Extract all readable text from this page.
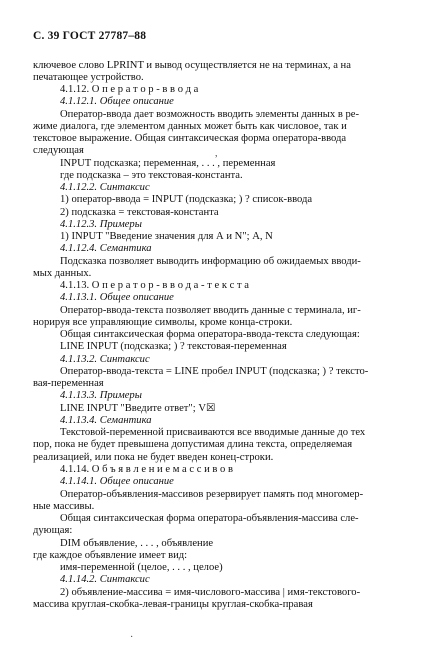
С. 39 ГОСТ 27787–88
ключевое слово LPRINT и вывод осуществляется не на терминах, а на
печатающее устройство.
4.1.12. О п е р а т о р - в в о д а
4.1.12.1. Общее описание
Оператор-ввода дает возможность вводить элементы данных в ре-
жиме диалога, где элементом данных может быть как числовое, так и
текстовое выражение. Общая синтаксическая форма оператора-ввода
следующая
INPUT подсказка; переменная, . . . , переменная
где подсказка – это текстовая-константа.
4.1.12.2. Синтаксис
1) оператор-ввода = INPUT (подсказка; ) ? список-ввода
2) подсказка = текстовая-константа
4.1.12.3. Примеры
1) INPUT "Введение значения для А и N"; А, N
4.1.12.4. Семантика
Подсказка позволяет выводить информацию об ожидаемых вводи-
мых данных.
4.1.13. О п е р а т о р - в в о д а - т е к с т а
4.1.13.1. Общее описание
Оператор-ввода-текста позволяет вводить данные с терминала, иг-
норируя все управляющие символы, кроме конца-строки.
Общая синтаксическая форма оператора-ввода-текста следующая:
LINE INPUT (подсказка; ) ? текстовая-переменная
4.1.13.2. Синтаксис
Оператор-ввода-текста = LINE пробел INPUT (подсказка; ) ? тексто-
вая-переменная
4.1.13.3. Примеры
LINE INPUT "Введите ответ"; V☒
4.1.13.4. Семантика
Текстовой-переменной присваиваются все вводимые данные до тех
пор, пока не будет превышена допустимая длина текста, определяемая
реализацией, или пока не будет введен конец-строки.
4.1.14. О б ъ я в л е н и е м а с с и в о в
4.1.14.1. Общее описание
Оператор-объявления-массивов резервирует память под многомер-
ные массивы.
Общая синтаксическая форма оператора-объявления-массива сле-
дующая:
DIM объявление, . . . , объявление
где каждое объявление имеет вид:
имя-переменной (целое, . . . , целое)
4.1.14.2. Синтаксис
2) объявление-массива = имя-числового-массива | имя-текстового-
массива круглая-скобка-левая-границы круглая-скобка-правая
,
·
